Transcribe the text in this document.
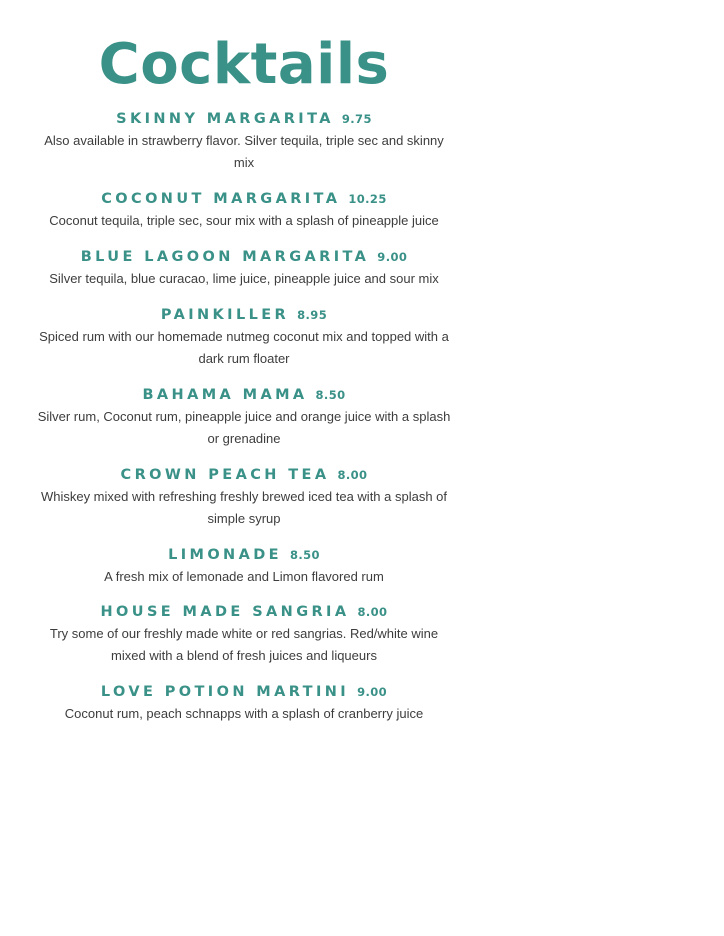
Cocktails
SKINNY MARGARITA 9.75

Also available in strawberry flavor. Silver tequila, triple sec and skinny mix

COCONUT MARGARITA 10.25

Coconut tequila, triple sec, sour mix with a splash of pineapple juice

BLUE LAGOON MARGARITA 9.00

Silver tequila, blue curacao, lime juice, pineapple juice and sour mix

PAINKILLER 8.95

Spiced rum with our homemade nutmeg coconut mix and topped with a dark rum floater

BAHAMA MAMA 8.50

Silver rum, Coconut rum, pineapple juice and orange juice with a splash or grenadine

CROWN PEACH TEA 8.00

Whiskey mixed with refreshing freshly brewed iced tea with a splash of simple syrup

LIMONADE 8.50

A fresh mix of lemonade and Limon flavored rum

HOUSE MADE SANGRIA 8.00

Try some of our freshly made white or red sangrias. Red/white wine mixed with a blend of fresh juices and liqueurs

LOVE POTION MARTINI 9.00

Coconut rum, peach schnapps with a splash of cranberry juice
